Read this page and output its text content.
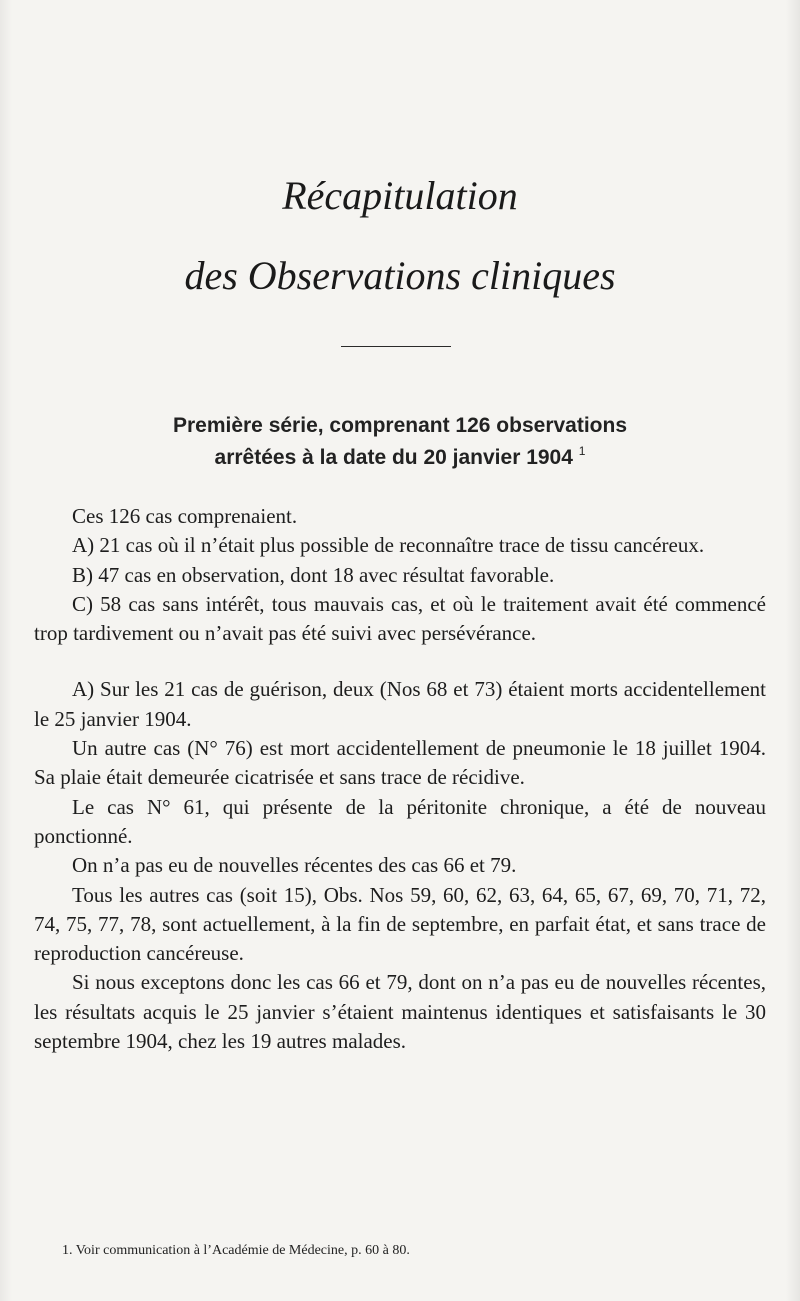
Récapitulation
des Observations cliniques
Première série, comprenant 126 observations
arrêtées à la date du 20 janvier 1904 $^1$

Ces 126 cas comprenaient.

A) 21 cas où il n’était plus possible de reconnaître trace de tissu cancéreux.

B) 47 cas en observation, dont 18 avec résultat favorable.

C) 58 cas sans intérêt, tous mauvais cas, et où le traitement avait été commencé trop tardivement ou n’avait pas été suivi avec persévérance.

A) Sur les 21 cas de guérison, deux (Nos 68 et 73) étaient morts accidentellement le 25 janvier 1904.

Un autre cas (N° 76) est mort accidentellement de pneumonie le 18 juillet 1904. Sa plaie était demeurée cicatrisée et sans trace de récidive.

Le cas N° 61, qui présente de la péritonite chronique, a été de nouveau ponctionné.

On n’a pas eu de nouvelles récentes des cas 66 et 79.

Tous les autres cas (soit 15), Obs. Nos 59, 60, 62, 63, 64, 65, 67, 69, 70, 71, 72, 74, 75, 77, 78, sont actuellement, à la fin de septembre, en parfait état, et sans trace de reproduction cancéreuse.

Si nous exceptons donc les cas 66 et 79, dont on n’a pas eu de nouvelles récentes, les résultats acquis le 25 janvier s’étaient maintenus identiques et satisfaisants le 30 septembre 1904, chez les 19 autres malades.

1. Voir communication à l’Académie de Médecine, p. 60 à 80.
